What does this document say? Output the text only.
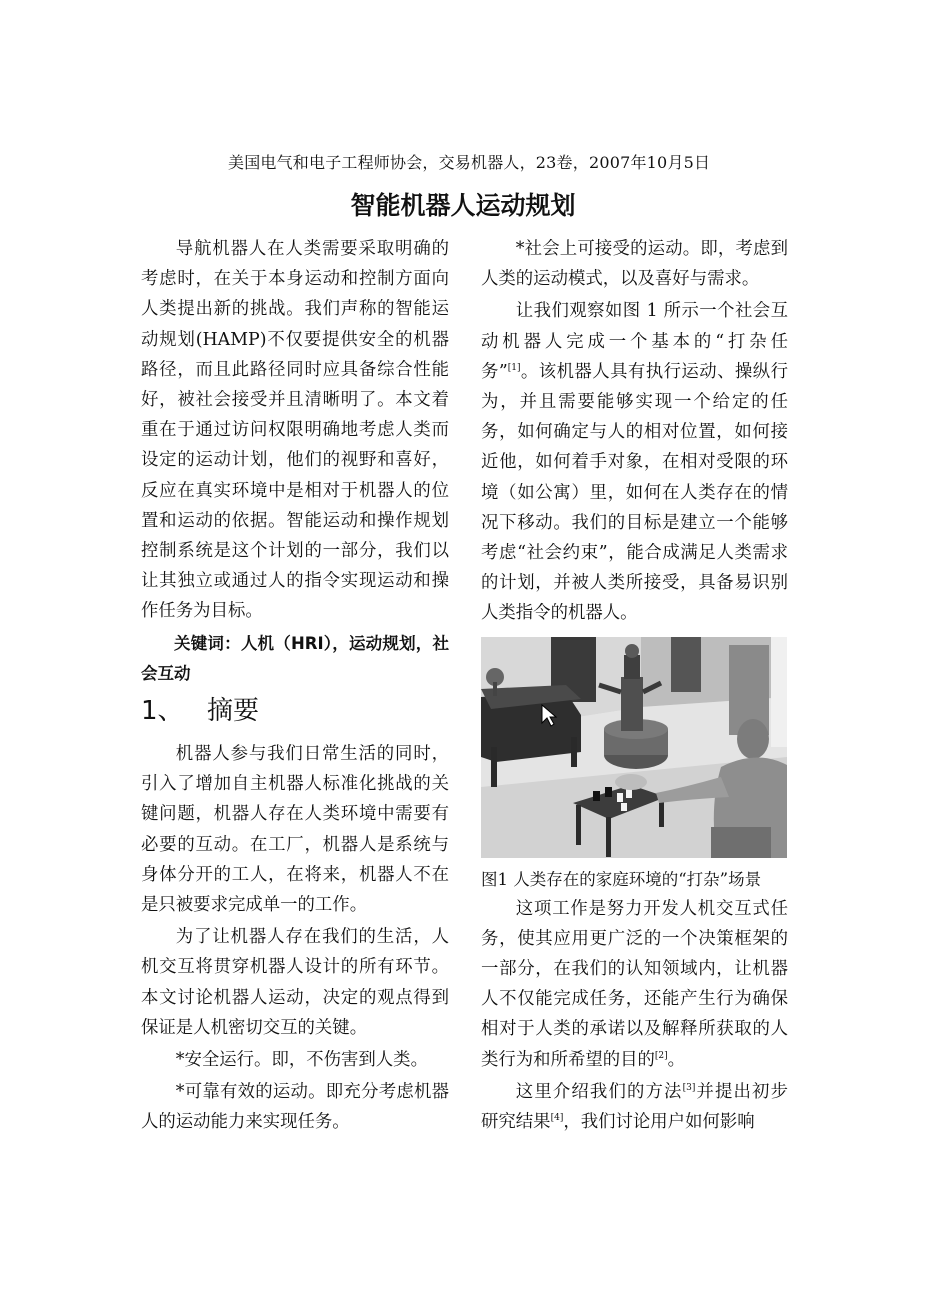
美国电气和电子工程师协会，交易机器人，23卷，2007年10月5日
智能机器人运动规划

导航机器人在人类需要采取明确的考虑时，在关于本身运动和控制方面向人类提出新的挑战。我们声称的智能运动规划(HAMP)不仅要提供安全的机器路径，而且此路径同时应具备综合性能好，被社会接受并且清晰明了。本文着重在于通过访问权限明确地考虑人类而设定的运动计划，他们的视野和喜好，反应在真实环境中是相对于机器人的位置和运动的依据。智能运动和操作规划控制系统是这个计划的一部分，我们以让其独立或通过人的指令实现运动和操作任务为目标。

关键词：人机（HRI），运动规划，社会互动

1、 摘要

机器人参与我们日常生活的同时，引入了增加自主机器人标准化挑战的关键问题，机器人存在人类环境中需要有必要的互动。在工厂，机器人是系统与身体分开的工人，在将来，机器人不在是只被要求完成单一的工作。

为了让机器人存在我们的生活，人机交互将贯穿机器人设计的所有环节。本文讨论机器人运动，决定的观点得到保证是人机密切交互的关键。

*安全运行。即，不伤害到人类。

*可靠有效的运动。即充分考虑机器人的运动能力来实现任务。

*社会上可接受的运动。即，考虑到人类的运动模式，以及喜好与需求。

让我们观察如图 1 所示一个社会互动机器人完成一个基本的“打杂任务”[1]。该机器人具有执行运动、操纵行为，并且需要能够实现一个给定的任务，如何确定与人的相对位置，如何接近他，如何着手对象，在相对受限的环境（如公寓）里，如何在人类存在的情况下移动。我们的目标是建立一个能够考虑“社会约束”，能合成满足人类需求的计划，并被人类所接受，具备易识别人类指令的机器人。

图1 人类存在的家庭环境的“打杂”场景

这项工作是努力开发人机交互式任务，使其应用更广泛的一个决策框架的一部分，在我们的认知领域内，让机器人不仅能完成任务，还能产生行为确保相对于人类的承诺以及解释所获取的人类行为和所希望的目的[2]。

这里介绍我们的方法[3]并提出初步研究结果[4]，我们讨论用户如何影响
